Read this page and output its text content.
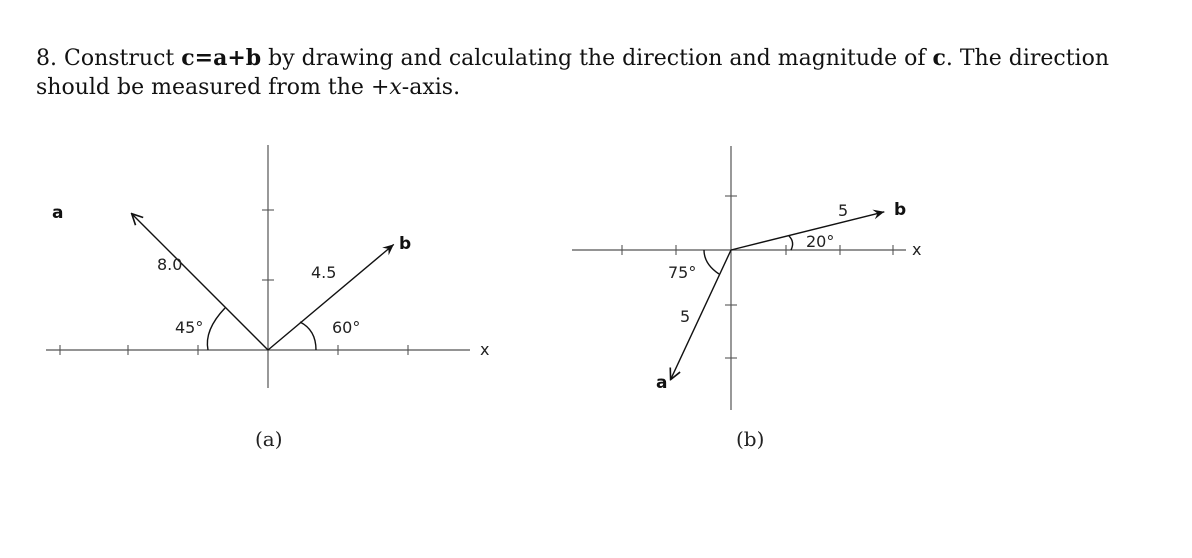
8. Construct c=a+b by drawing and calculating the direction and magnitude of c. The direction should be measured from the +x-axis.
x
a
b
8.0	4.5
45°	60°
(a)
x
a
b
5
5
75°
20°
(b)
